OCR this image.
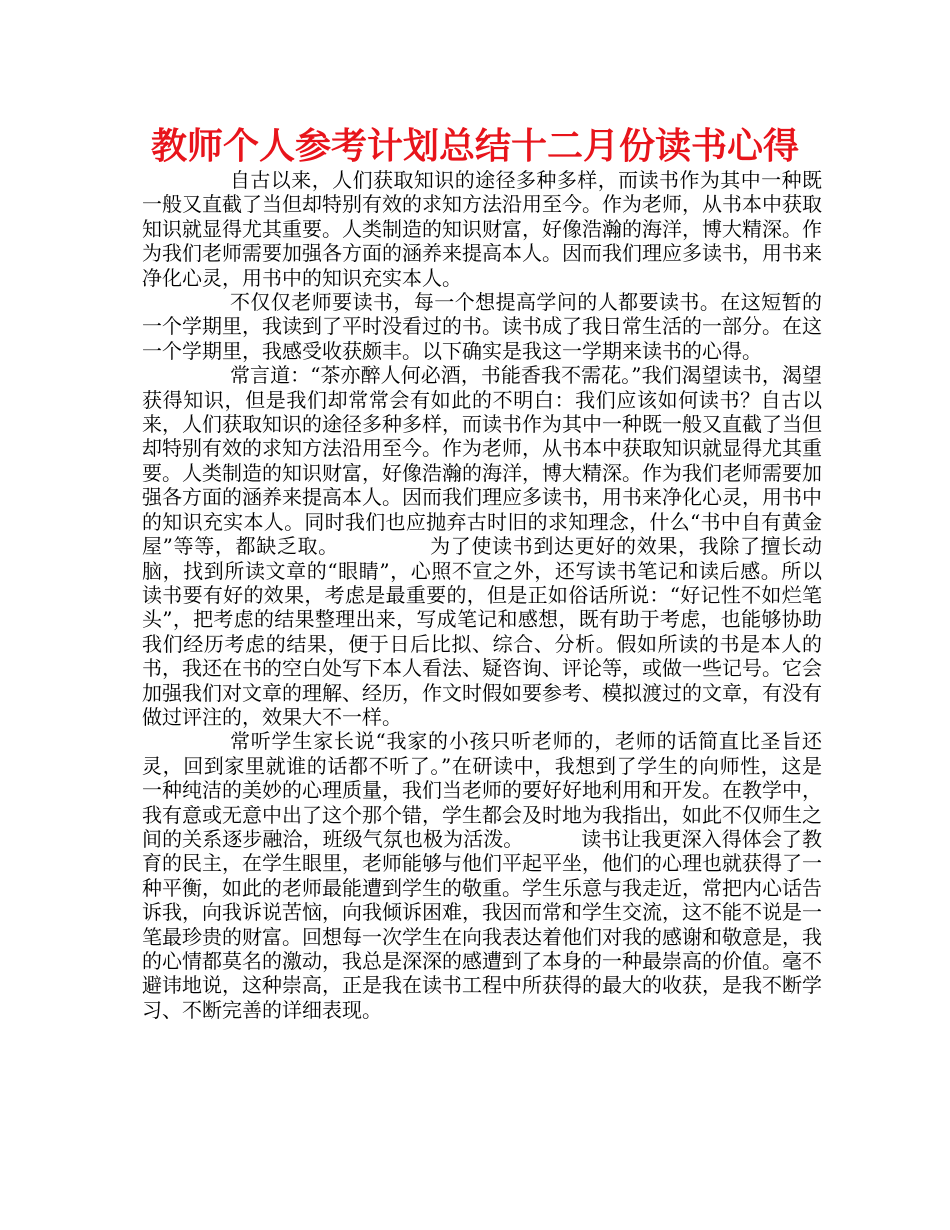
教师个人参考计划总结十二月份读书心得

自古以来，人们获取知识的途径多种多样，而读书作为其中一种既一般又直截了当但却特别有效的求知方法沿用至今。作为老师，从书本中获取知识就显得尤其重要。人类制造的知识财富，好像浩瀚的海洋，博大精深。作为我们老师需要加强各方面的涵养来提高本人。因而我们理应多读书，用书来净化心灵，用书中的知识充实本人。

不仅仅老师要读书，每一个想提高学问的人都要读书。在这短暂的一个学期里，我读到了平时没看过的书。读书成了我日常生活的一部分。在这一个学期里，我感受收获颇丰。以下确实是我这一学期来读书的心得。

常言道：“茶亦醉人何必酒，书能香我不需花。”我们渴望读书，渴望获得知识，但是我们却常常会有如此的不明白：我们应该如何读书？自古以来，人们获取知识的途径多种多样，而读书作为其中一种既一般又直截了当但却特别有效的求知方法沿用至今。作为老师，从书本中获取知识就显得尤其重要。人类制造的知识财富，好像浩瀚的海洋，博大精深。作为我们老师需要加强各方面的涵养来提高本人。因而我们理应多读书，用书来净化心灵，用书中的知识充实本人。同时我们也应抛弃古时旧的求知理念，什么“书中自有黄金屋”等等，都缺乏取。             为了使读书到达更好的效果，我除了擅长动脑，找到所读文章的“眼睛”，心照不宣之外，还写读书笔记和读后感。所以读书要有好的效果，考虑是最重要的，但是正如俗话所说：“好记性不如烂笔头”，把考虑的结果整理出来，写成笔记和感想，既有助于考虑，也能够协助我们经历考虑的结果，便于日后比拟、综合、分析。假如所读的书是本人的书，我还在书的空白处写下本人看法、疑咨询、评论等，或做一些记号。它会加强我们对文章的理解、经历，作文时假如要参考、模拟渡过的文章，有没有做过评注的，效果大不一样。

常听学生家长说“我家的小孩只听老师的，老师的话简直比圣旨还灵，回到家里就谁的话都不听了。”在研读中，我想到了学生的向师性，这是一种纯洁的美妙的心理质量，我们当老师的要好好地利用和开发。在教学中，我有意或无意中出了这个那个错，学生都会及时地为我指出，如此不仅师生之间的关系逐步融洽，班级气氛也极为活泼。         读书让我更深入得体会了教育的民主，在学生眼里，老师能够与他们平起平坐，他们的心理也就获得了一种平衡，如此的老师最能遭到学生的敬重。学生乐意与我走近，常把内心话告诉我，向我诉说苦恼，向我倾诉困难，我因而常和学生交流，这不能不说是一笔最珍贵的财富。回想每一次学生在向我表达着他们对我的感谢和敬意是，我的心情都莫名的激动，我总是深深的感遭到了本身的一种最崇高的价值。毫不避讳地说，这种崇高，正是我在读书工程中所获得的最大的收获，是我不断学习、不断完善的详细表现。
